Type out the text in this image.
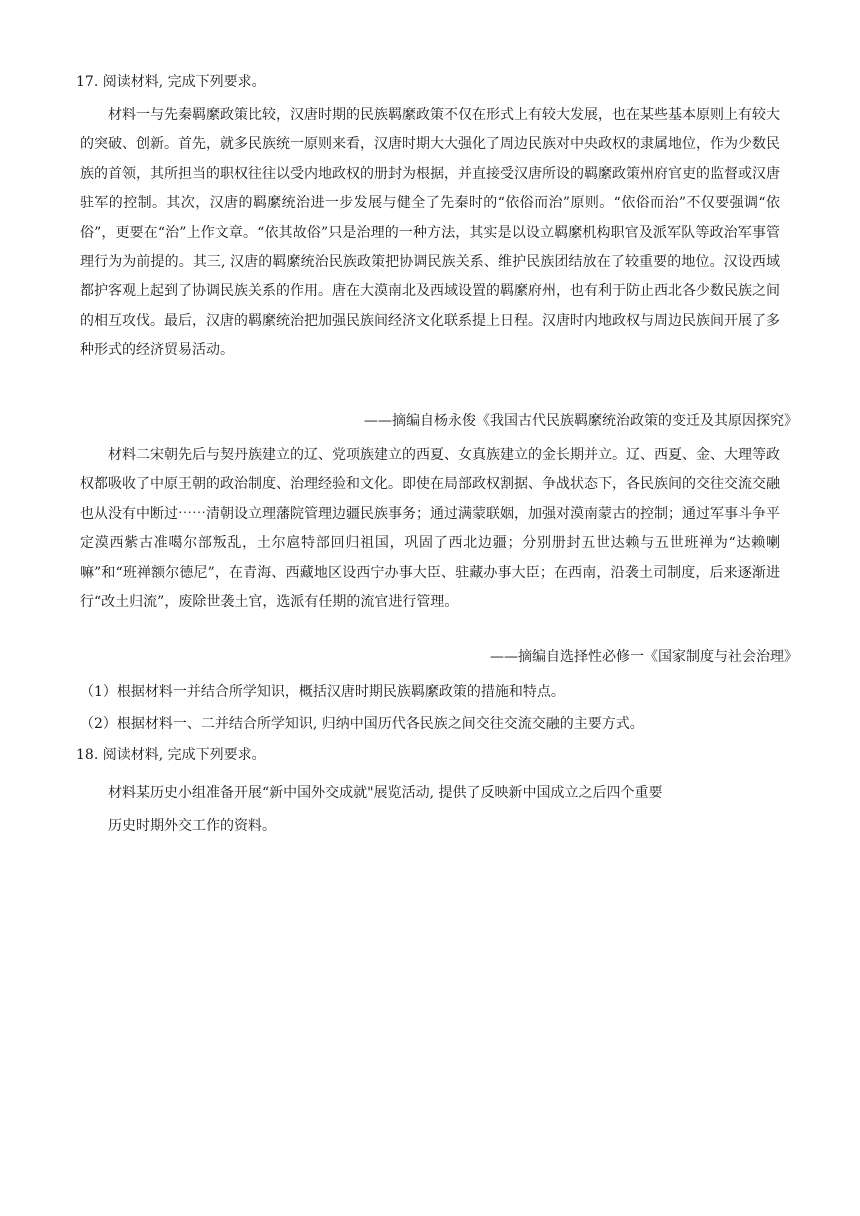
17. 阅读材料, 完成下列要求。

材料一与先秦羁縻政策比较，汉唐时期的民族羁縻政策不仅在形式上有较大发展，也在某些基本原则上有较大的突破、创新。首先，就多民族统一原则来看，汉唐时期大大强化了周边民族对中央政权的隶属地位，作为少数民族的首领，其所担当的职权往往以受内地政权的册封为根据，并直接受汉唐所设的羁縻政策州府官吏的监督或汉唐驻军的控制。其次，汉唐的羁縻统治进一步发展与健全了先秦时的“依俗而治”原则。“依俗而治”不仅要强调“依俗”，更要在“治”上作文章。“依其故俗”只是治理的一种方法，其实是以设立羁縻机构职官及派军队等政治军事管理行为为前提的。其三, 汉唐的羁縻统治民族政策把协调民族关系、维护民族团结放在了较重要的地位。汉设西域都护客观上起到了协调民族关系的作用。唐在大漠南北及西域设置的羁縻府州，也有利于防止西北各少数民族之间的相互攻伐。最后，汉唐的羁縻统治把加强民族间经济文化联系提上日程。汉唐时内地政权与周边民族间开展了多种形式的经济贸易活动。

——摘编自杨永俊《我国古代民族羁縻统治政策的变迁及其原因探究》

材料二宋朝先后与契丹族建立的辽、党项族建立的西夏、女真族建立的金长期并立。辽、西夏、金、大理等政权都吸收了中原王朝的政治制度、治理经验和文化。即使在局部政权割据、争战状态下，各民族间的交往交流交融也从没有中断过⋯⋯清朝设立理藩院管理边疆民族事务；通过满蒙联姻，加强对漠南蒙古的控制；通过军事斗争平定漠西紫古准噶尔部叛乱，土尔扈特部回归祖国，巩固了西北边疆；分别册封五世达赖与五世班禅为“达赖喇嘛”和“班禅额尔德尼”，在青海、西藏地区设西宁办事大臣、驻藏办事大臣；在西南，沿袭土司制度，后来逐渐进行“改土归流”，废除世袭土官，选派有任期的流官进行管理。

——摘编自选择性必修一《国家制度与社会治理》
（1）根据材料一并结合所学知识，概括汉唐时期民族羁縻政策的措施和特点。
（2）根据材料一、二并结合所学知识, 归纳中国历代各民族之间交往交流交融的主要方式。
18. 阅读材料, 完成下列要求。
材料某历史小组准备开展“新中国外交成就"展览活动, 提供了反映新中国成立之后四个重要
历史时期外交工作的资料。
